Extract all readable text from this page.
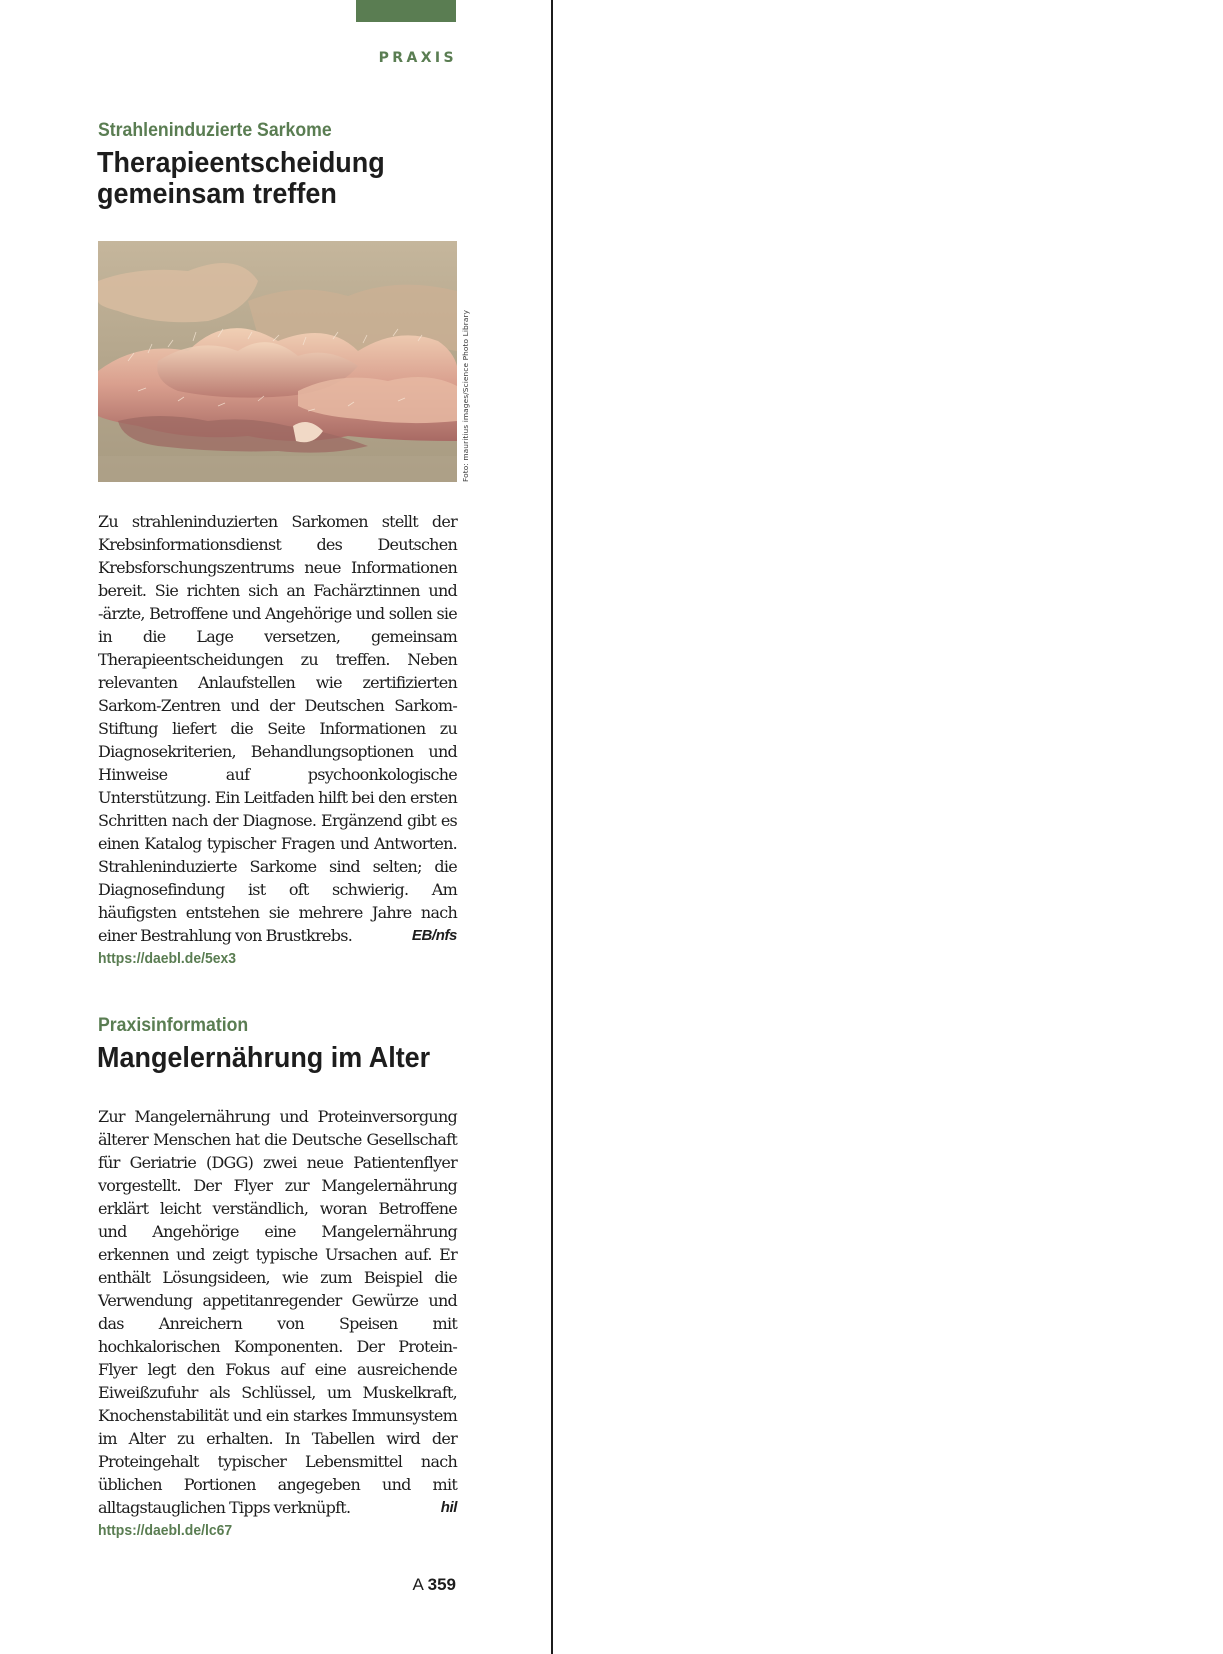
PRAXIS
Strahleninduzierte Sarkome
Therapieentscheidung
gemeinsam treffen
Foto: mauritius images/Science Photo Library
Zu strahleninduzierten Sarkomen stellt der Krebsinformationsdienst des Deutschen Krebsforschungszentrums neue Informationen bereit. Sie richten sich an Fachärztinnen und -ärzte, Betroffene und Angehörige und sollen sie in die Lage versetzen, gemeinsam Therapieentscheidungen zu treffen. Neben relevanten Anlaufstellen wie zertifizierten Sarkom-Zentren und der Deutschen Sarkom-Stiftung liefert die Seite Informationen zu Diagnosekriterien, Behandlungsoptionen und Hinweise auf psychoonkologische Unterstützung. Ein Leitfaden hilft bei den ersten Schritten nach der Diagnose. Ergänzend gibt es einen Katalog typischer Fragen und Antworten. Strahleninduzierte Sarkome sind selten; die Diagnosefindung ist oft schwierig. Am häufigsten entstehen sie mehrere Jahre nach einer Bestrahlung von Brustkrebs.	EB/nfs
https://daebl.de/5ex3
Praxisinformation
Mangelernährung im Alter
Zur Mangelernährung und Proteinversorgung älterer Menschen hat die Deutsche Gesellschaft für Geriatrie (DGG) zwei neue Patientenflyer vorgestellt. Der Flyer zur Mangelernährung erklärt leicht verständlich, woran Betroffene und Angehörige eine Mangelernährung erkennen und zeigt typische Ursachen auf. Er enthält Lösungsideen, wie zum Beispiel die Verwendung appetitanregender Gewürze und das Anreichern von Speisen mit hochkalorischen Komponenten. Der Protein-Flyer legt den Fokus auf eine ausreichende Eiweißzufuhr als Schlüssel, um Muskelkraft, Knochenstabilität und ein starkes Immunsystem im Alter zu erhalten. In Tabellen wird der Proteingehalt typischer Lebensmittel nach üblichen Portionen angegeben und mit alltagstauglichen Tipps verknüpft.	hil
https://daebl.de/lc67
A 359
